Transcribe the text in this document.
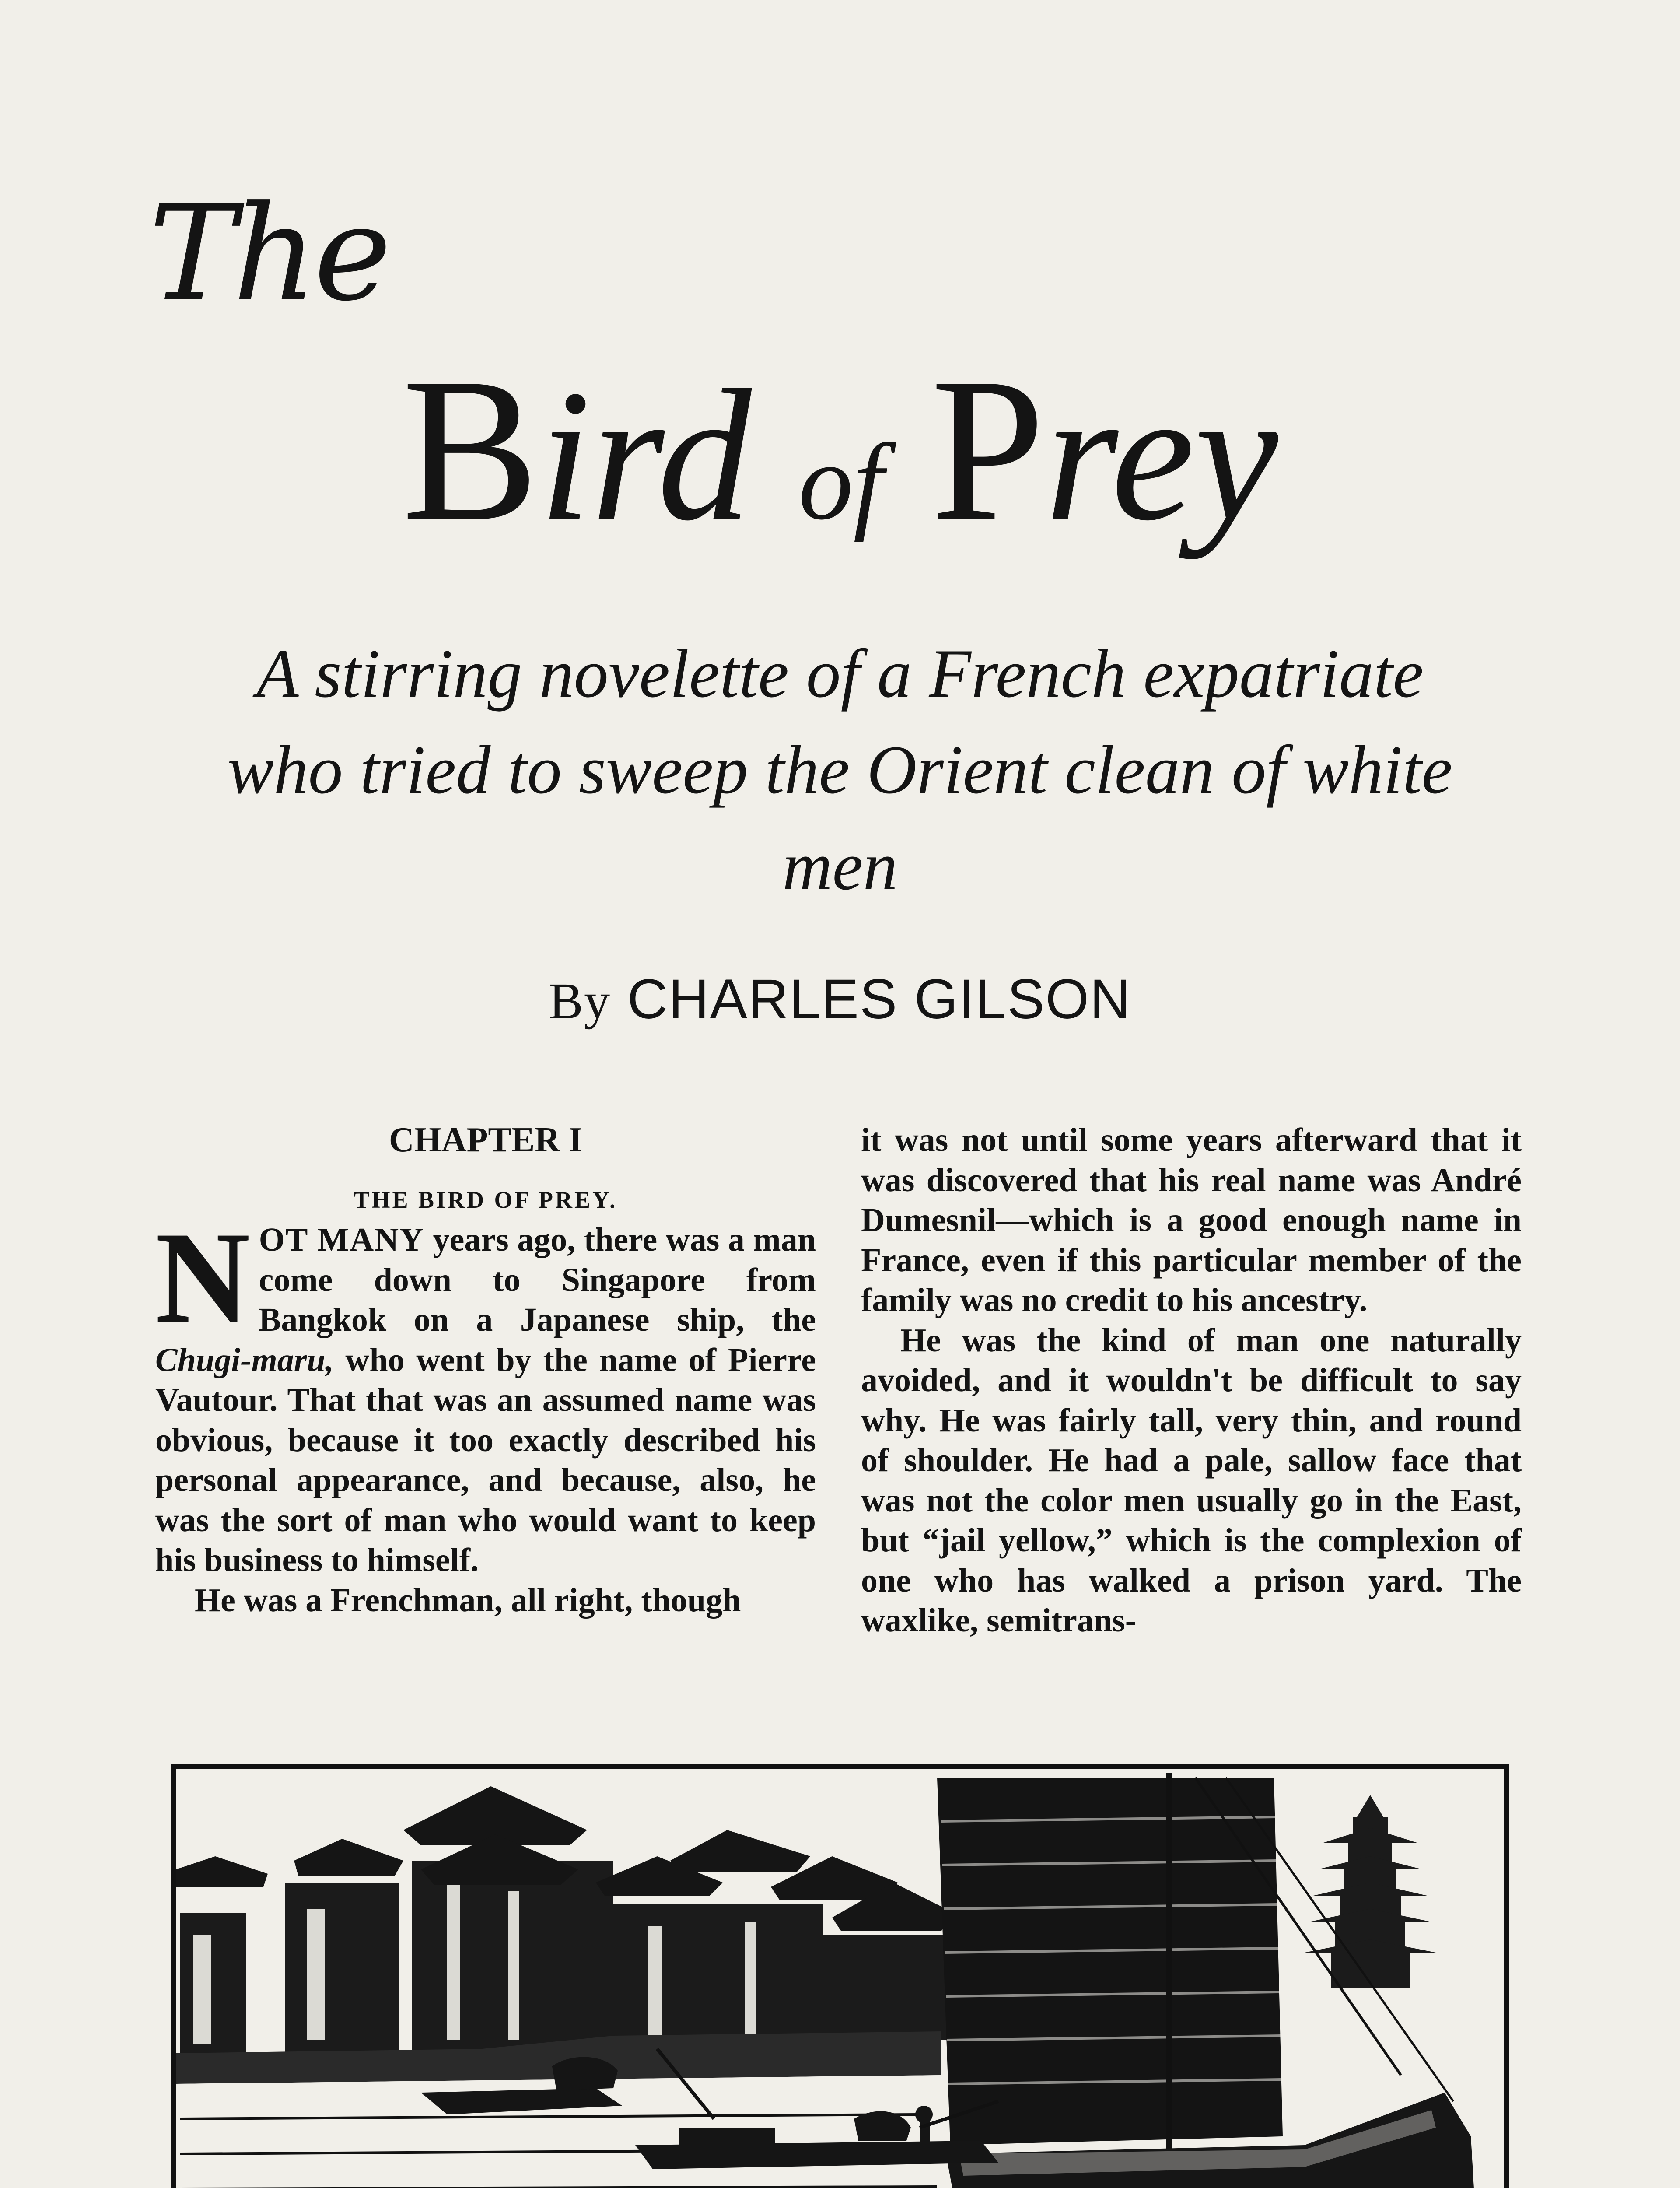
The
Bird of Prey

A stirring novelette of a French expatriate who tried to sweep the Orient clean of white men

By CHARLES GILSON

CHAPTER I

THE BIRD OF PREY.

NOT MANY years ago, there was a man come down to Singapore from Bangkok on a Japanese ship, the Chugi-maru, who went by the name of Pierre Vautour. That that was an assumed name was obvious, because it too exactly described his personal appearance, and because, also, he was the sort of man who would want to keep his business to himself.

He was a Frenchman, all right, though

it was not until some years afterward that it was discovered that his real name was André Dumesnil—which is a good enough name in France, even if this particular member of the family was no credit to his ancestry.

He was the kind of man one naturally avoided, and it wouldn't be difficult to say why. He was fairly tall, very thin, and round of shoulder. He had a pale, sallow face that was not the color men usually go in the East, but “jail yellow,” which is the complexion of one who has walked a prison yard. The waxlike, semitrans-
